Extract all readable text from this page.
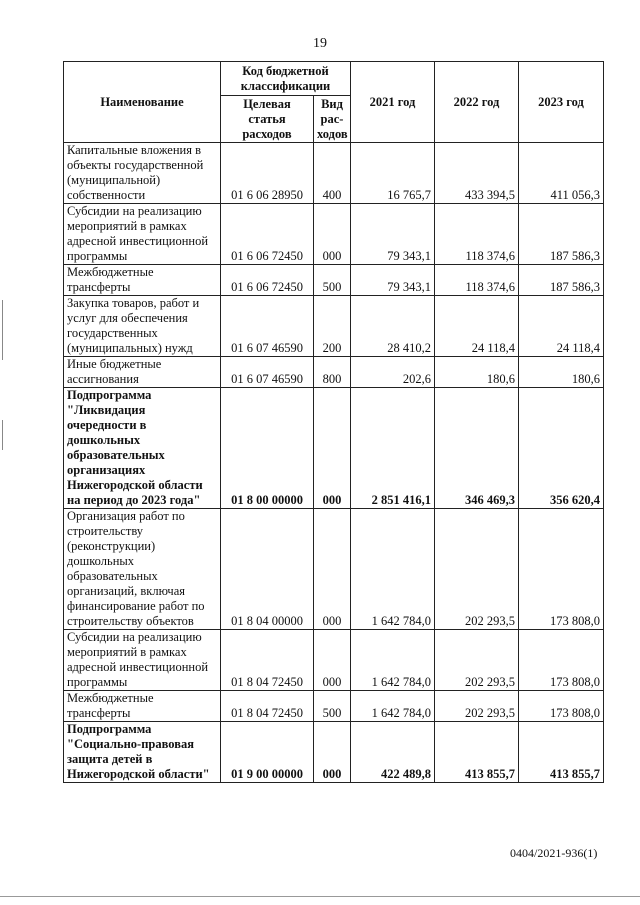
19
Наименование	Код бюджетной классификации		2021 год	2022 год	2023 год
	Целевая статья расходов	Вид рас-ходов			
Капитальные вложения в объекты государственной (муниципальной) собственности	01 6 06 28950	400	16 765,7	433 394,5	411 056,3
Субсидии на реализацию мероприятий в рамках адресной инвестиционной программы	01 6 06 72450	000	79 343,1	118 374,6	187 586,3
Межбюджетные трансферты	01 6 06 72450	500	79 343,1	118 374,6	187 586,3
Закупка товаров, работ и услуг для обеспечения государственных (муниципальных) нужд	01 6 07 46590	200	28 410,2	24 118,4	24 118,4
Иные бюджетные ассигнования	01 6 07 46590	800	202,6	180,6	180,6
Подпрограмма "Ликвидация очередности в дошкольных образовательных организациях Нижегородской области на период до 2023 года"	01 8 00 00000	000	2 851 416,1	346 469,3	356 620,4
Организация работ по строительству (реконструкции) дошкольных образовательных организаций, включая финансирование работ по строительству объектов	01 8 04 00000	000	1 642 784,0	202 293,5	173 808,0
Субсидии на реализацию мероприятий в рамках адресной инвестиционной программы	01 8 04 72450	000	1 642 784,0	202 293,5	173 808,0
Межбюджетные трансферты	01 8 04 72450	500	1 642 784,0	202 293,5	173 808,0
Подпрограмма "Социально-правовая защита детей в Нижегородской области"	01 9 00 00000	000	422 489,8	413 855,7	413 855,7
0404/2021-936(1)
